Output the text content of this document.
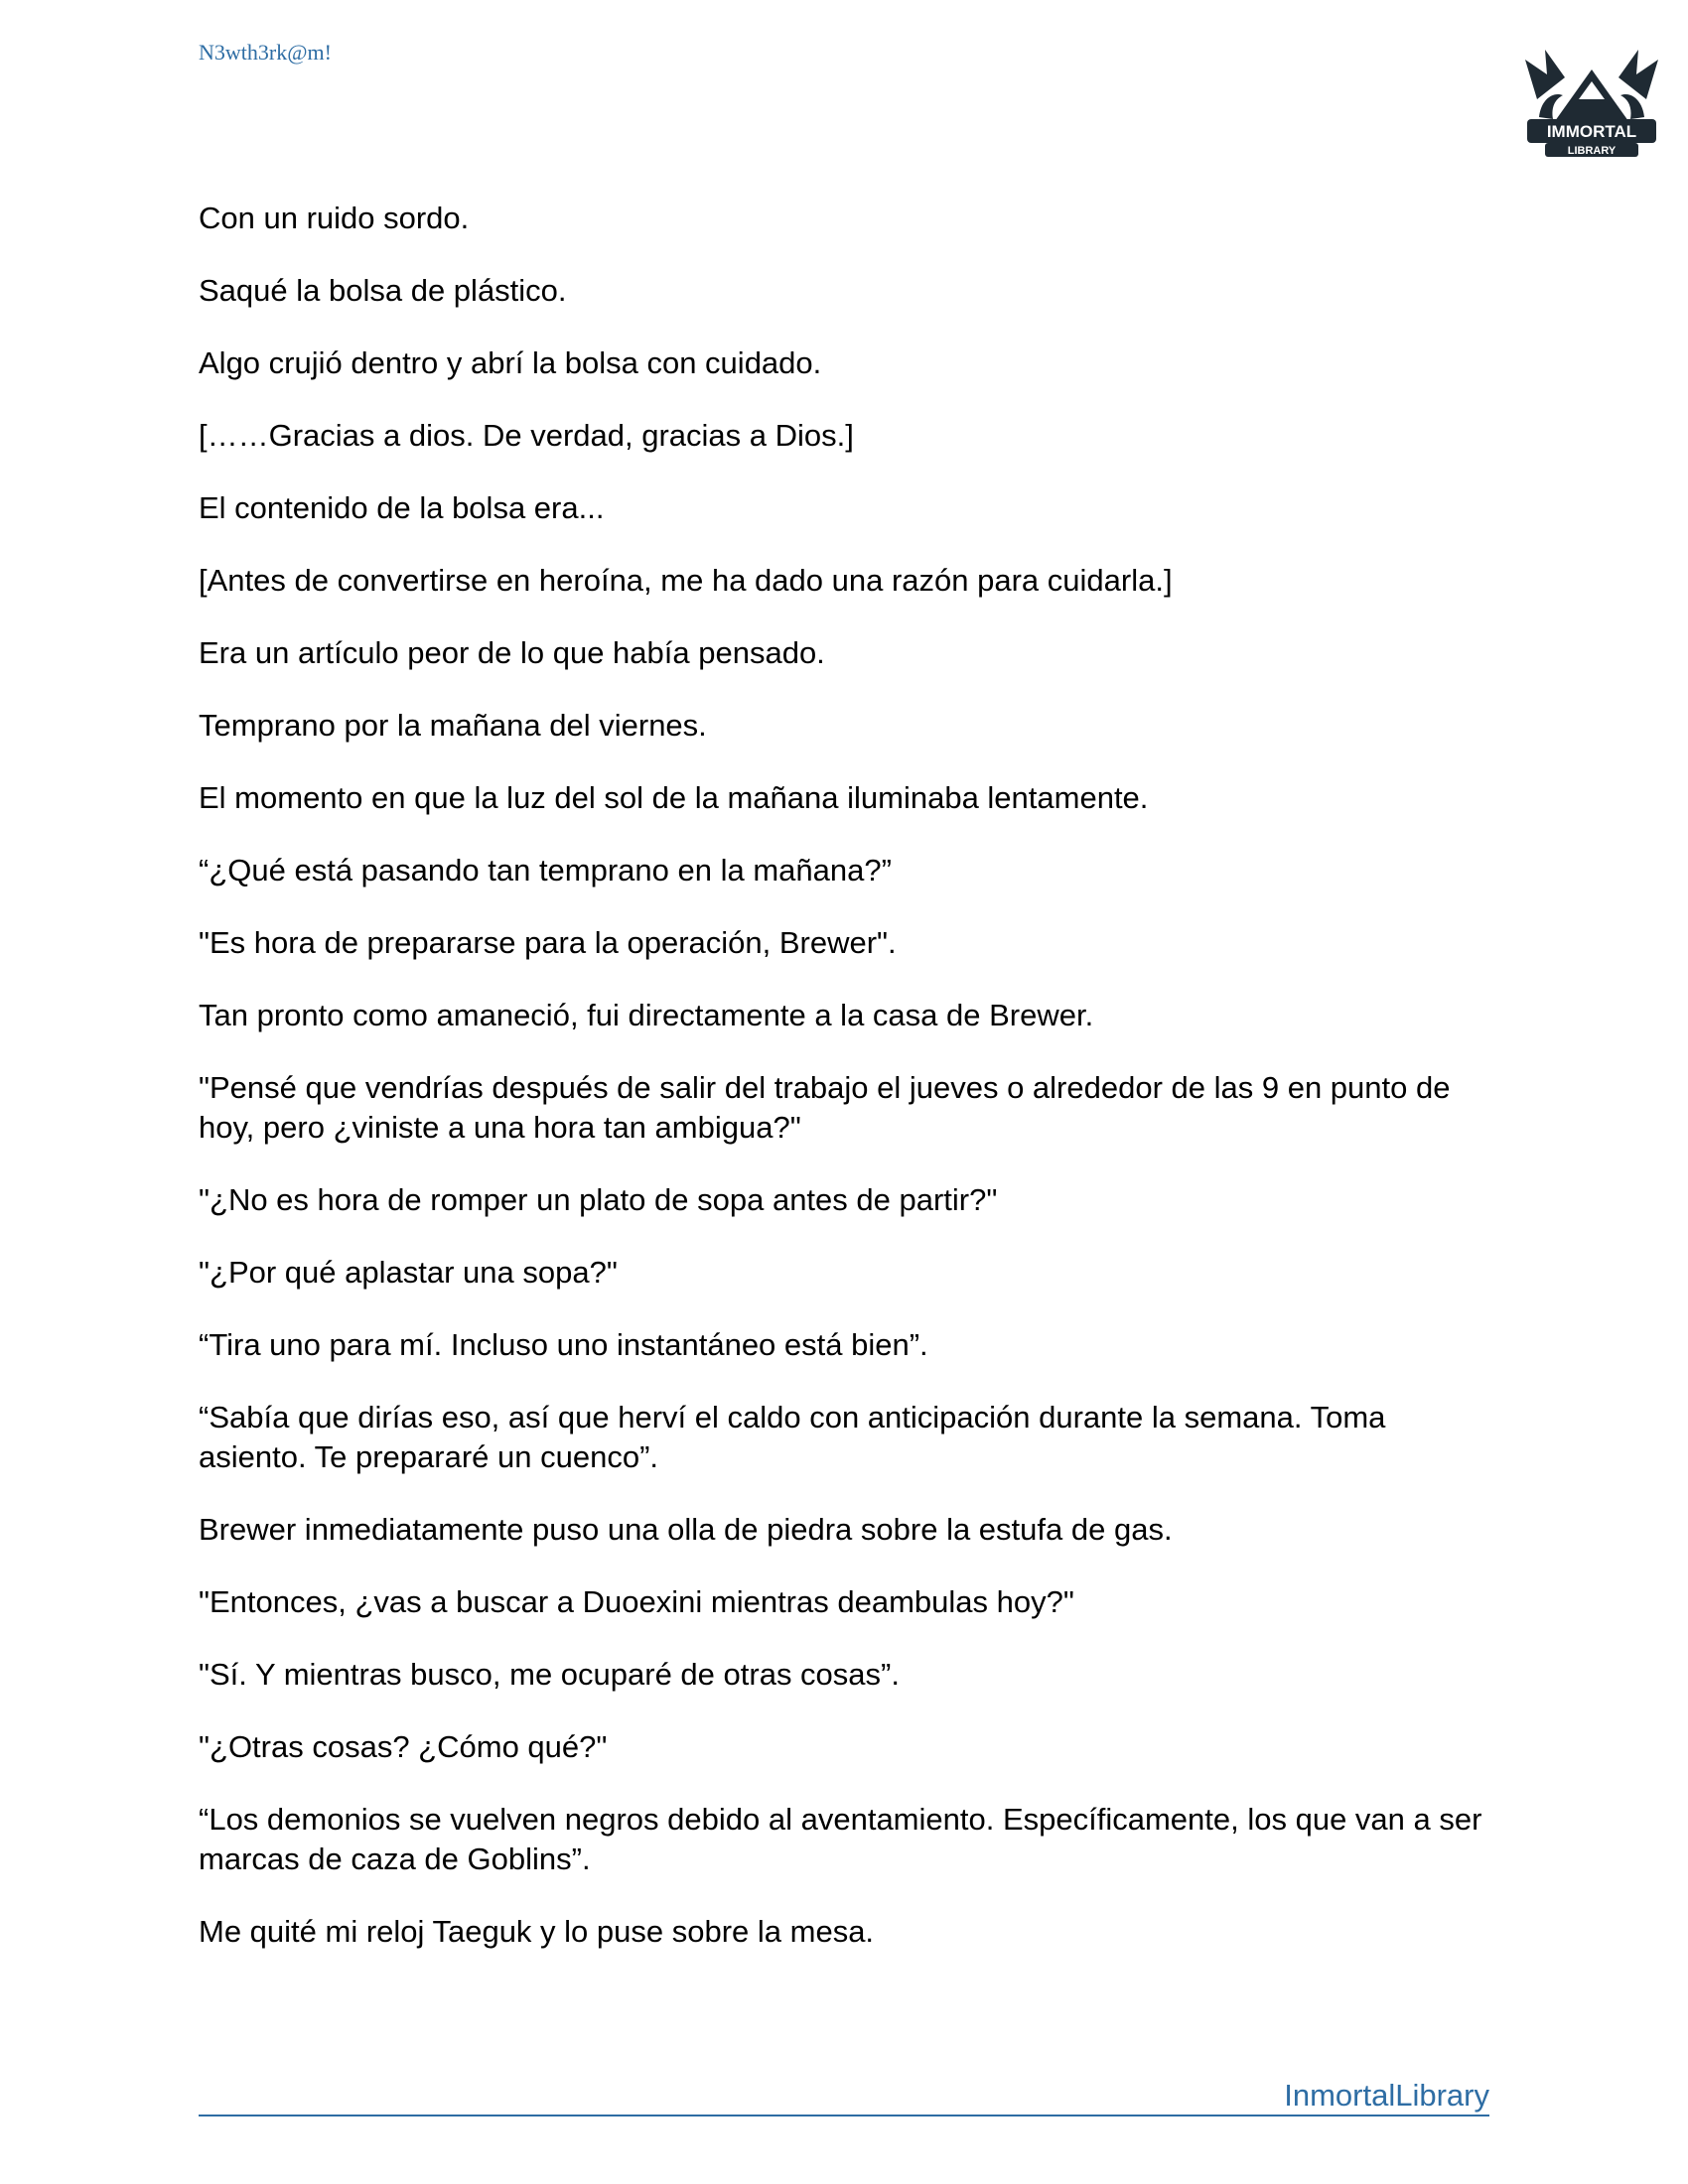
N3wth3rk@m!
IMMORTAL
LIBRARY

Con un ruido sordo.

Saqué la bolsa de plástico.

Algo crujió dentro y abrí la bolsa con cuidado.

[……Gracias a dios. De verdad, gracias a Dios.]

El contenido de la bolsa era...

[Antes de convertirse en heroína, me ha dado una razón para cuidarla.]

Era un artículo peor de lo que había pensado.

Temprano por la mañana del viernes.

El momento en que la luz del sol de la mañana iluminaba lentamente.

“¿Qué está pasando tan temprano en la mañana?”

"Es hora de prepararse para la operación, Brewer".

Tan pronto como amaneció, fui directamente a la casa de Brewer.

"Pensé que vendrías después de salir del trabajo el jueves o alrededor de las 9 en punto de hoy, pero ¿viniste a una hora tan ambigua?"

"¿No es hora de romper un plato de sopa antes de partir?"

"¿Por qué aplastar una sopa?"

“Tira uno para mí. Incluso uno instantáneo está bien”.

“Sabía que dirías eso, así que herví el caldo con anticipación durante la semana. Toma asiento. Te prepararé un cuenco”.

Brewer inmediatamente puso una olla de piedra sobre la estufa de gas.

"Entonces, ¿vas a buscar a Duoexini mientras deambulas hoy?"

"Sí. Y mientras busco, me ocuparé de otras cosas”.

"¿Otras cosas? ¿Cómo qué?"

“Los demonios se vuelven negros debido al aventamiento. Específicamente, los que van a ser marcas de caza de Goblins”.

Me quité mi reloj Taeguk y lo puse sobre la mesa.

InmortalLibrary
